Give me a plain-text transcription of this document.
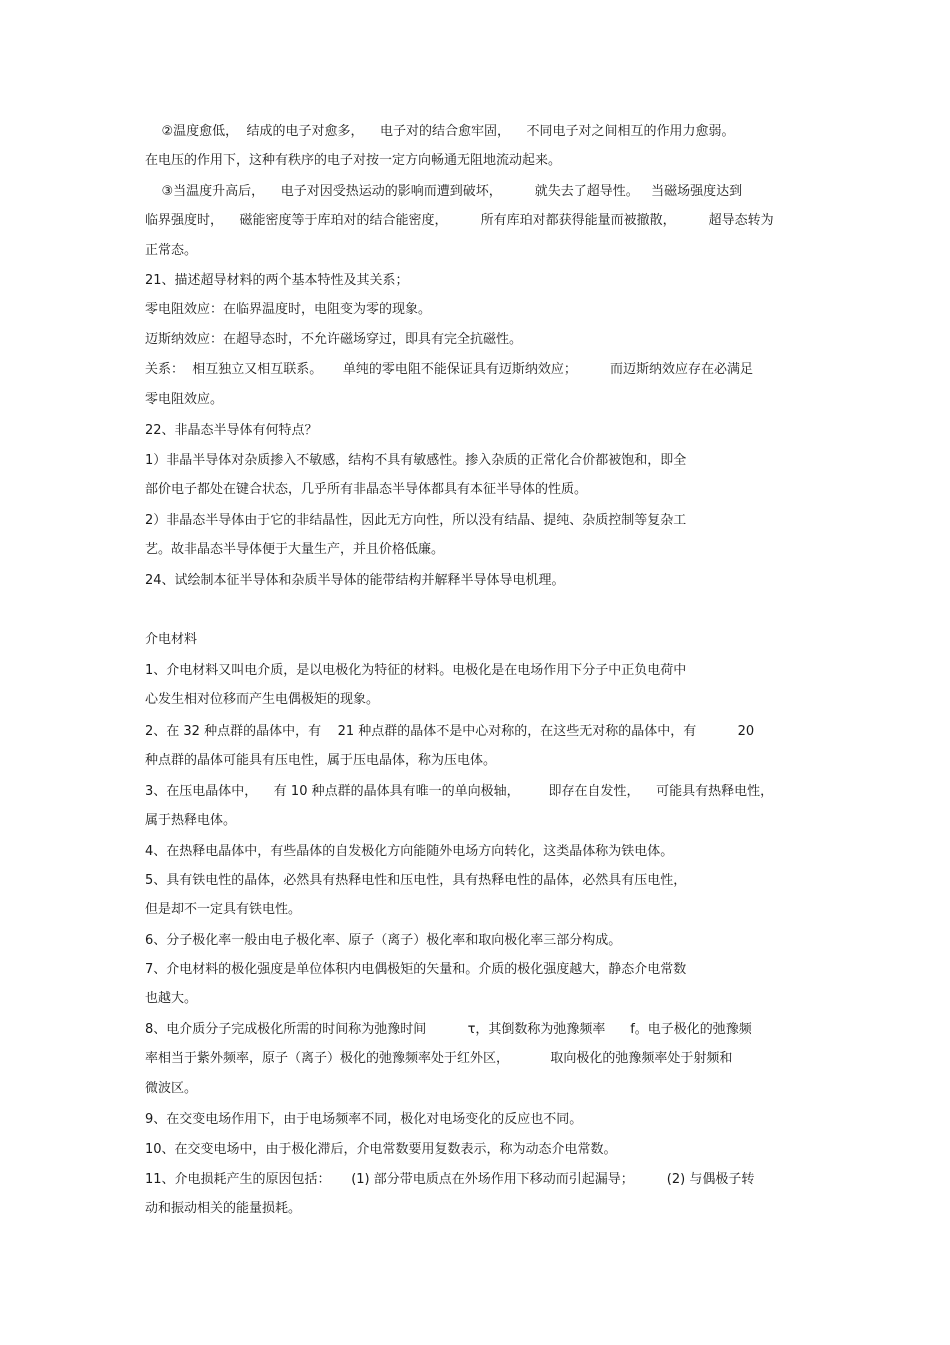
②温度愈低，  结成的电子对愈多，    电子对的结合愈牢固，    不同电子对之间相互的作用力愈弱。
在电压的作用下，这种有秩序的电子对按一定方向畅通无阻地流动起来。
③当温度升高后，    电子对因受热运动的影响而遭到破坏，        就失去了超导性。   当磁场强度达到
临界强度时，    磁能密度等于库珀对的结合能密度，        所有库珀对都获得能量而被撤散，        超导态转为
正常态。
21、描述超导材料的两个基本特性及其关系；
零电阻效应：在临界温度时，电阻变为零的现象。
迈斯纳效应：在超导态时，不允许磁场穿过，即具有完全抗磁性。
关系：  相互独立又相互联系。     单纯的零电阻不能保证具有迈斯纳效应；        而迈斯纳效应存在必满足
零电阻效应。
22、非晶态半导体有何特点？
1）非晶半导体对杂质掺入不敏感，结构不具有敏感性。掺入杂质的正常化合价都被饱和，即全
部价电子都处在键合状态，几乎所有非晶态半导体都具有本征半导体的性质。
2）非晶态半导体由于它的非结晶性，因此无方向性，所以没有结晶、提纯、杂质控制等复杂工
艺。故非晶态半导体便于大量生产，并且价格低廉。
24、试绘制本征半导体和杂质半导体的能带结构并解释半导体导电机理。
介电材料
1、介电材料又叫电介质，是以电极化为特征的材料。电极化是在电场作用下分子中正负电荷中
心发生相对位移而产生电偶极矩的现象。
2、在 32 种点群的晶体中，有    21 种点群的晶体不是中心对称的，在这些无对称的晶体中，有          20
种点群的晶体可能具有压电性，属于压电晶体，称为压电体。
3、在压电晶体中，    有 10 种点群的晶体具有唯一的单向极轴，       即存在自发性，    可能具有热释电性，
属于热释电体。
4、在热释电晶体中，有些晶体的自发极化方向能随外电场方向转化，这类晶体称为铁电体。
5、具有铁电性的晶体，必然具有热释电性和压电性，具有热释电性的晶体，必然具有压电性，
但是却不一定具有铁电性。
6、分子极化率一般由电子极化率、原子（离子）极化率和取向极化率三部分构成。
7、介电材料的极化强度是单位体积内电偶极矩的矢量和。介质的极化强度越大，静态介电常数
也越大。
8、电介质分子完成极化所需的时间称为弛豫时间          τ，其倒数称为弛豫频率      f。电子极化的弛豫频
率相当于紫外频率，原子（离子）极化的弛豫频率处于红外区，          取向极化的弛豫频率处于射频和
微波区。
9、在交变电场作用下，由于电场频率不同，极化对电场变化的反应也不同。
10、在交变电场中，由于极化滞后，介电常数要用复数表示，称为动态介电常数。
11、介电损耗产生的原因包括：     (1) 部分带电质点在外场作用下移动而引起漏导；        (2) 与偶极子转
动和振动相关的能量损耗。
